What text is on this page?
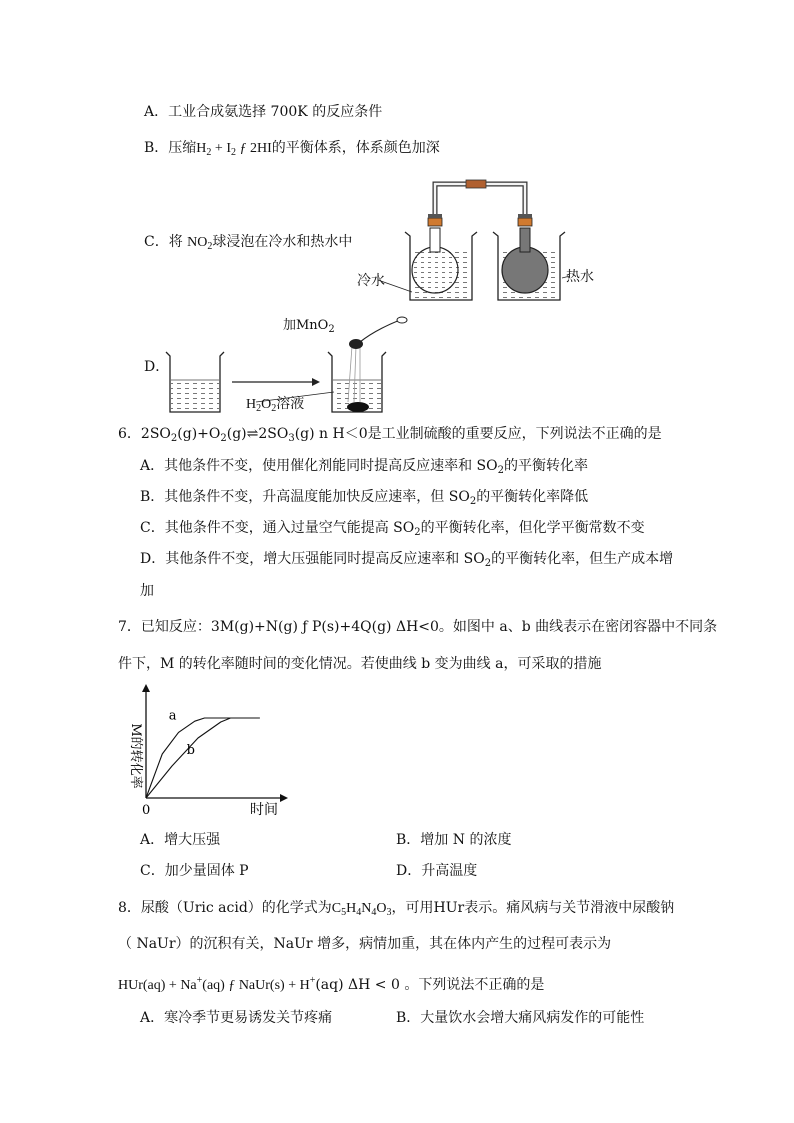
A．工业合成氨选择 700K 的反应条件
B．压缩$H_2 + I_2$ ƒ 2HI的平衡体系，体系颜色加深
C．将 $NO_2$球浸泡在冷水和热水中
冷水	热水
D．
加MnO$_2$
$H_2O_2$溶液
6．$2SO_2(g)+O_2(g)\rightleftharpoons 2SO_3(g)$ n H＜0是工业制硫酸的重要反应，下列说法不正确的是
A．其他条件不变，使用催化剂能同时提高反应速率和 $SO_2$的平衡转化率
B．其他条件不变，升高温度能加快反应速率，但 $SO_2$的平衡转化率降低
C．其他条件不变，通入过量空气能提高 $SO_2$的平衡转化率，但化学平衡常数不变
D．其他条件不变，增大压强能同时提高反应速率和 $SO_2$的平衡转化率，但生产成本增
加
7．已知反应：3M(g)+N(g) ƒ P(s)+4Q(g) ΔH<0。如图中 a、b 曲线表示在密闭容器中不同条
件下，M 的转化率随时间的变化情况。若使曲线 b 变为曲线 a，可采取的措施
M的转化率
a
b
0	时间
A．增大压强	B．增加 N 的浓度
C．加少量固体 P	D．升高温度
8．尿酸（Uric acid）的化学式为$C_5H_4N_4O_3$，可用HUr表示。痛风病与关节滑液中尿酸钠
（ NaUr）的沉积有关，NaUr 增多，病情加重，其在体内产生的过程可表示为
HUr(aq) + Na+(aq) ƒ NaUr(s) + H+(aq) ΔH < 0 。下列说法不正确的是
A．寒冷季节更易诱发关节疼痛	B．大量饮水会增大痛风病发作的可能性
